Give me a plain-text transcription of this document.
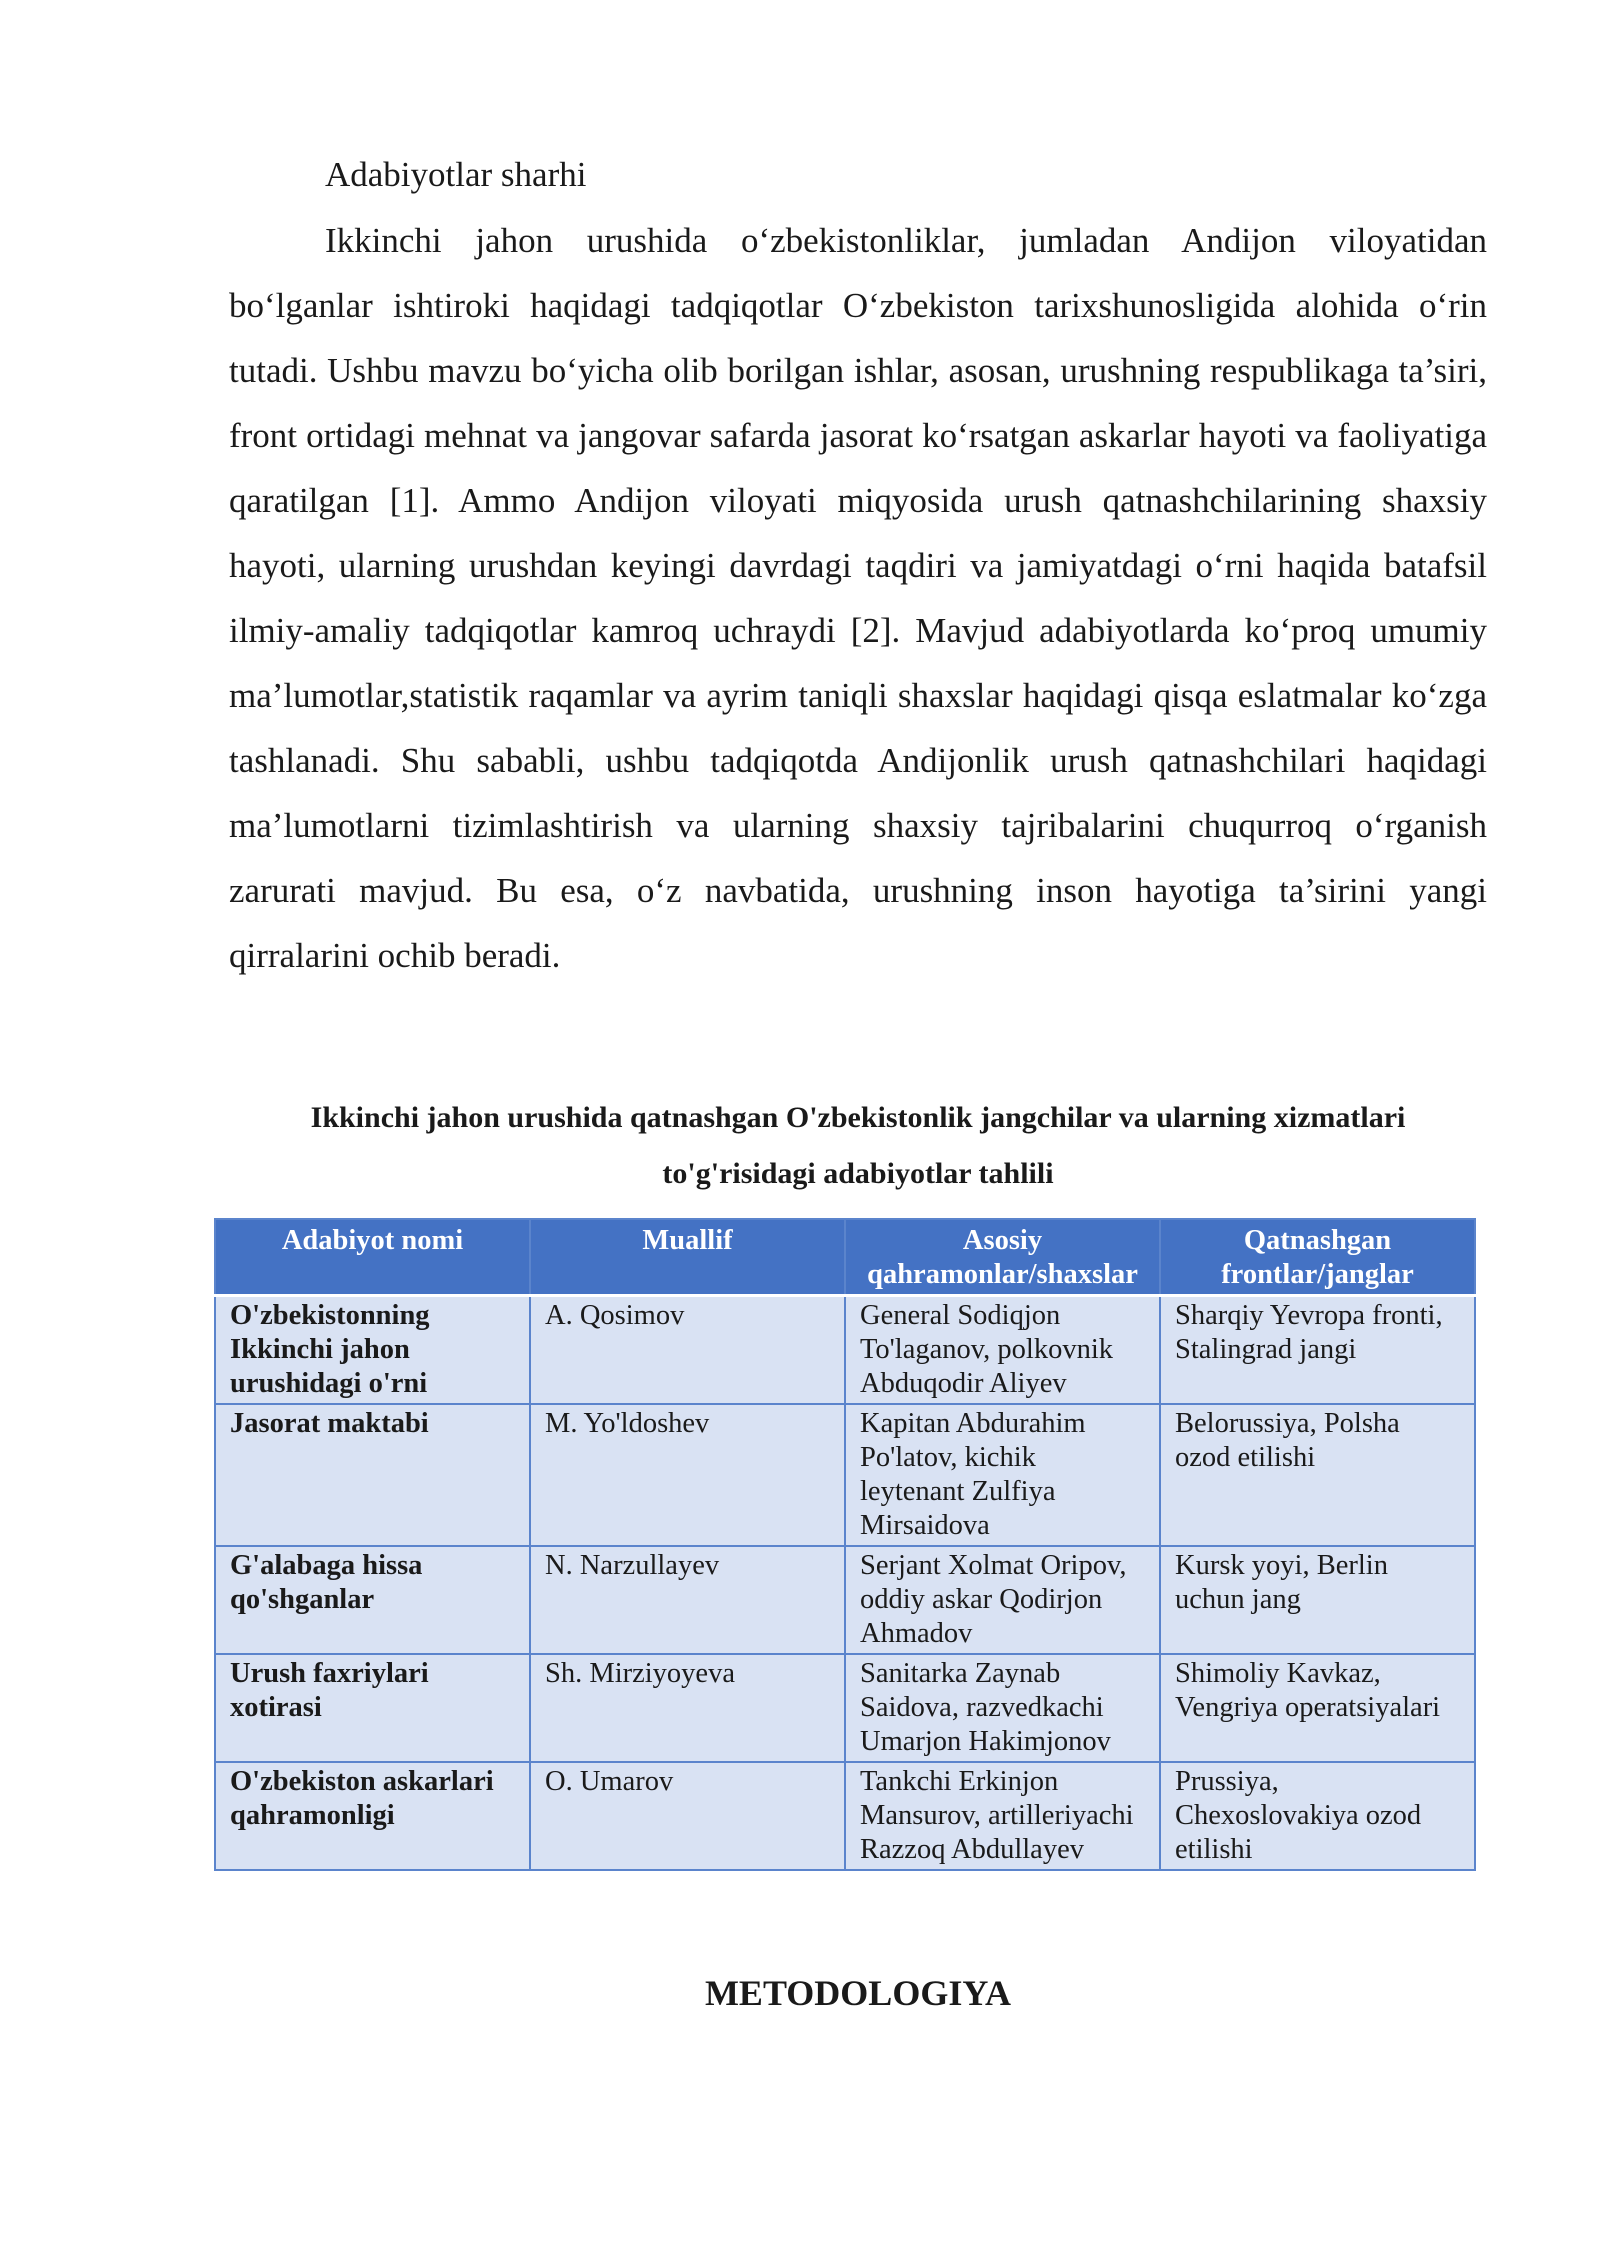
Adabiyotlar sharhi

Ikkinchi jahon urushida oʻzbekistonliklar, jumladan Andijon viloyatidan boʻlganlar ishtiroki haqidagi tadqiqotlar Oʻzbekiston tarixshunosligida alohida oʻrin tutadi. Ushbu mavzu boʻyicha olib borilgan ishlar, asosan, urushning respublikaga ta’siri, front ortidagi mehnat va jangovar safarda jasorat koʻrsatgan askarlar hayoti va faoliyatiga qaratilgan [1]. Ammo Andijon viloyati miqyosida urush qatnashchilarining shaxsiy hayoti, ularning urushdan keyingi davrdagi taqdiri va jamiyatdagi oʻrni haqida batafsil ilmiy-amaliy tadqiqotlar kamroq uchraydi [2]. Mavjud adabiyotlarda koʻproq umumiy ma’lumotlar,statistik raqamlar va ayrim taniqli shaxslar haqidagi qisqa eslatmalar koʻzga tashlanadi. Shu sababli, ushbu tadqiqotda Andijonlik urush qatnashchilari haqidagi ma’lumotlarni tizimlashtirish va ularning shaxsiy tajribalarini chuqurroq oʻrganish zarurati mavjud. Bu esa, oʻz navbatida, urushning inson hayotiga ta’sirini yangi qirralarini ochib beradi.

Ikkinchi jahon urushida qatnashgan O'zbekistonlik jangchilar va ularning xizmatlari
to'g'risidagi adabiyotlar tahlili
Adabiyot nomi	Muallif	Asosiy qahramonlar/shaxslar	Qatnashgan frontlar/janglar
O'zbekistonning Ikkinchi jahon urushidagi o'rni	A. Qosimov	General Sodiqjon To'laganov, polkovnik Abduqodir Aliyev	Sharqiy Yevropa fronti, Stalingrad jangi
Jasorat maktabi	M. Yo'ldoshev	Kapitan Abdurahim Po'latov, kichik leytenant Zulfiya Mirsaidova	Belorussiya, Polsha ozod etilishi
G'alabaga hissa qo'shganlar	N. Narzullayev	Serjant Xolmat Oripov, oddiy askar Qodirjon Ahmadov	Kursk yoyi, Berlin uchun jang
Urush faxriylari xotirasi	Sh. Mirziyoyeva	Sanitarka Zaynab Saidova, razvedkachi Umarjon Hakimjonov	Shimoliy Kavkaz, Vengriya operatsiyalari
O'zbekiston askarlari qahramonligi	O. Umarov	Tankchi Erkinjon Mansurov, artilleriyachi Razzoq Abdullayev	Prussiya, Chexoslovakiya ozod etilishi
METODOLOGIYA
